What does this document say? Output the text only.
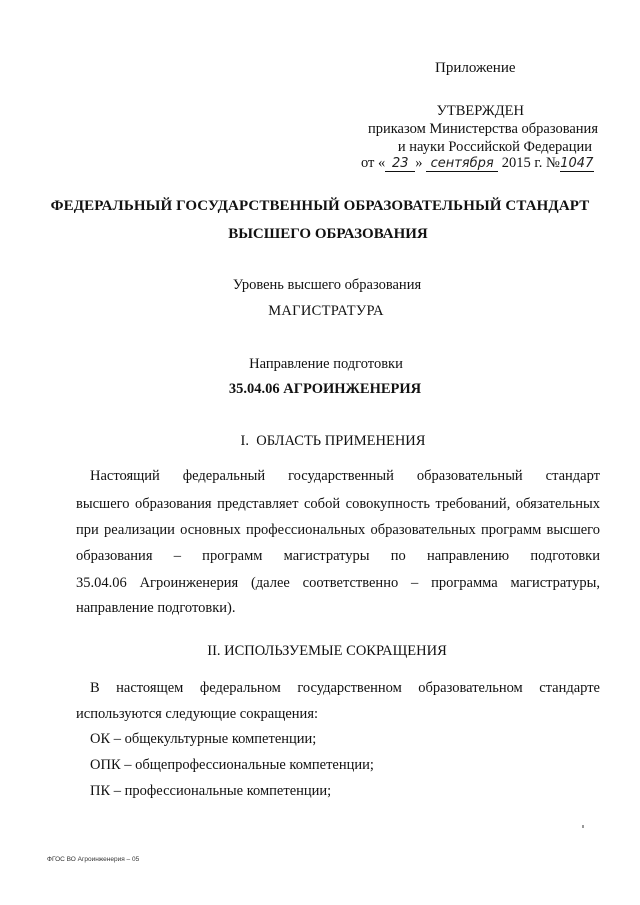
Приложение
УТВЕРЖДЕН
приказом Министерства образования
и науки Российской Федерации
от « 23 » сентября 2015 г. №1047
ФЕДЕРАЛЬНЫЙ ГОСУДАРСТВЕННЫЙ ОБРАЗОВАТЕЛЬНЫЙ СТАНДАРТ
ВЫСШЕГО ОБРАЗОВАНИЯ
Уровень высшего образования
МАГИСТРАТУРА
Направление подготовки
35.04.06 АГРОИНЖЕНЕРИЯ
I.  ОБЛАСТЬ ПРИМЕНЕНИЯ
Настоящий федеральный государственный образовательный стандарт
высшего образования представляет собой совокупность требований, обязательных
при реализации основных профессиональных образовательных программ высшего
образования – программ магистратуры по направлению подготовки
35.04.06 Агроинженерия (далее соответственно – программа магистратуры,
направление подготовки).
II. ИСПОЛЬЗУЕМЫЕ СОКРАЩЕНИЯ
В настоящем федеральном государственном образовательном стандарте
используются следующие сокращения:
ОК – общекультурные компетенции;
ОПК – общепрофессиональные компетенции;
ПК – профессиональные компетенции;
ФГОС ВО Агроинженерия – 05
